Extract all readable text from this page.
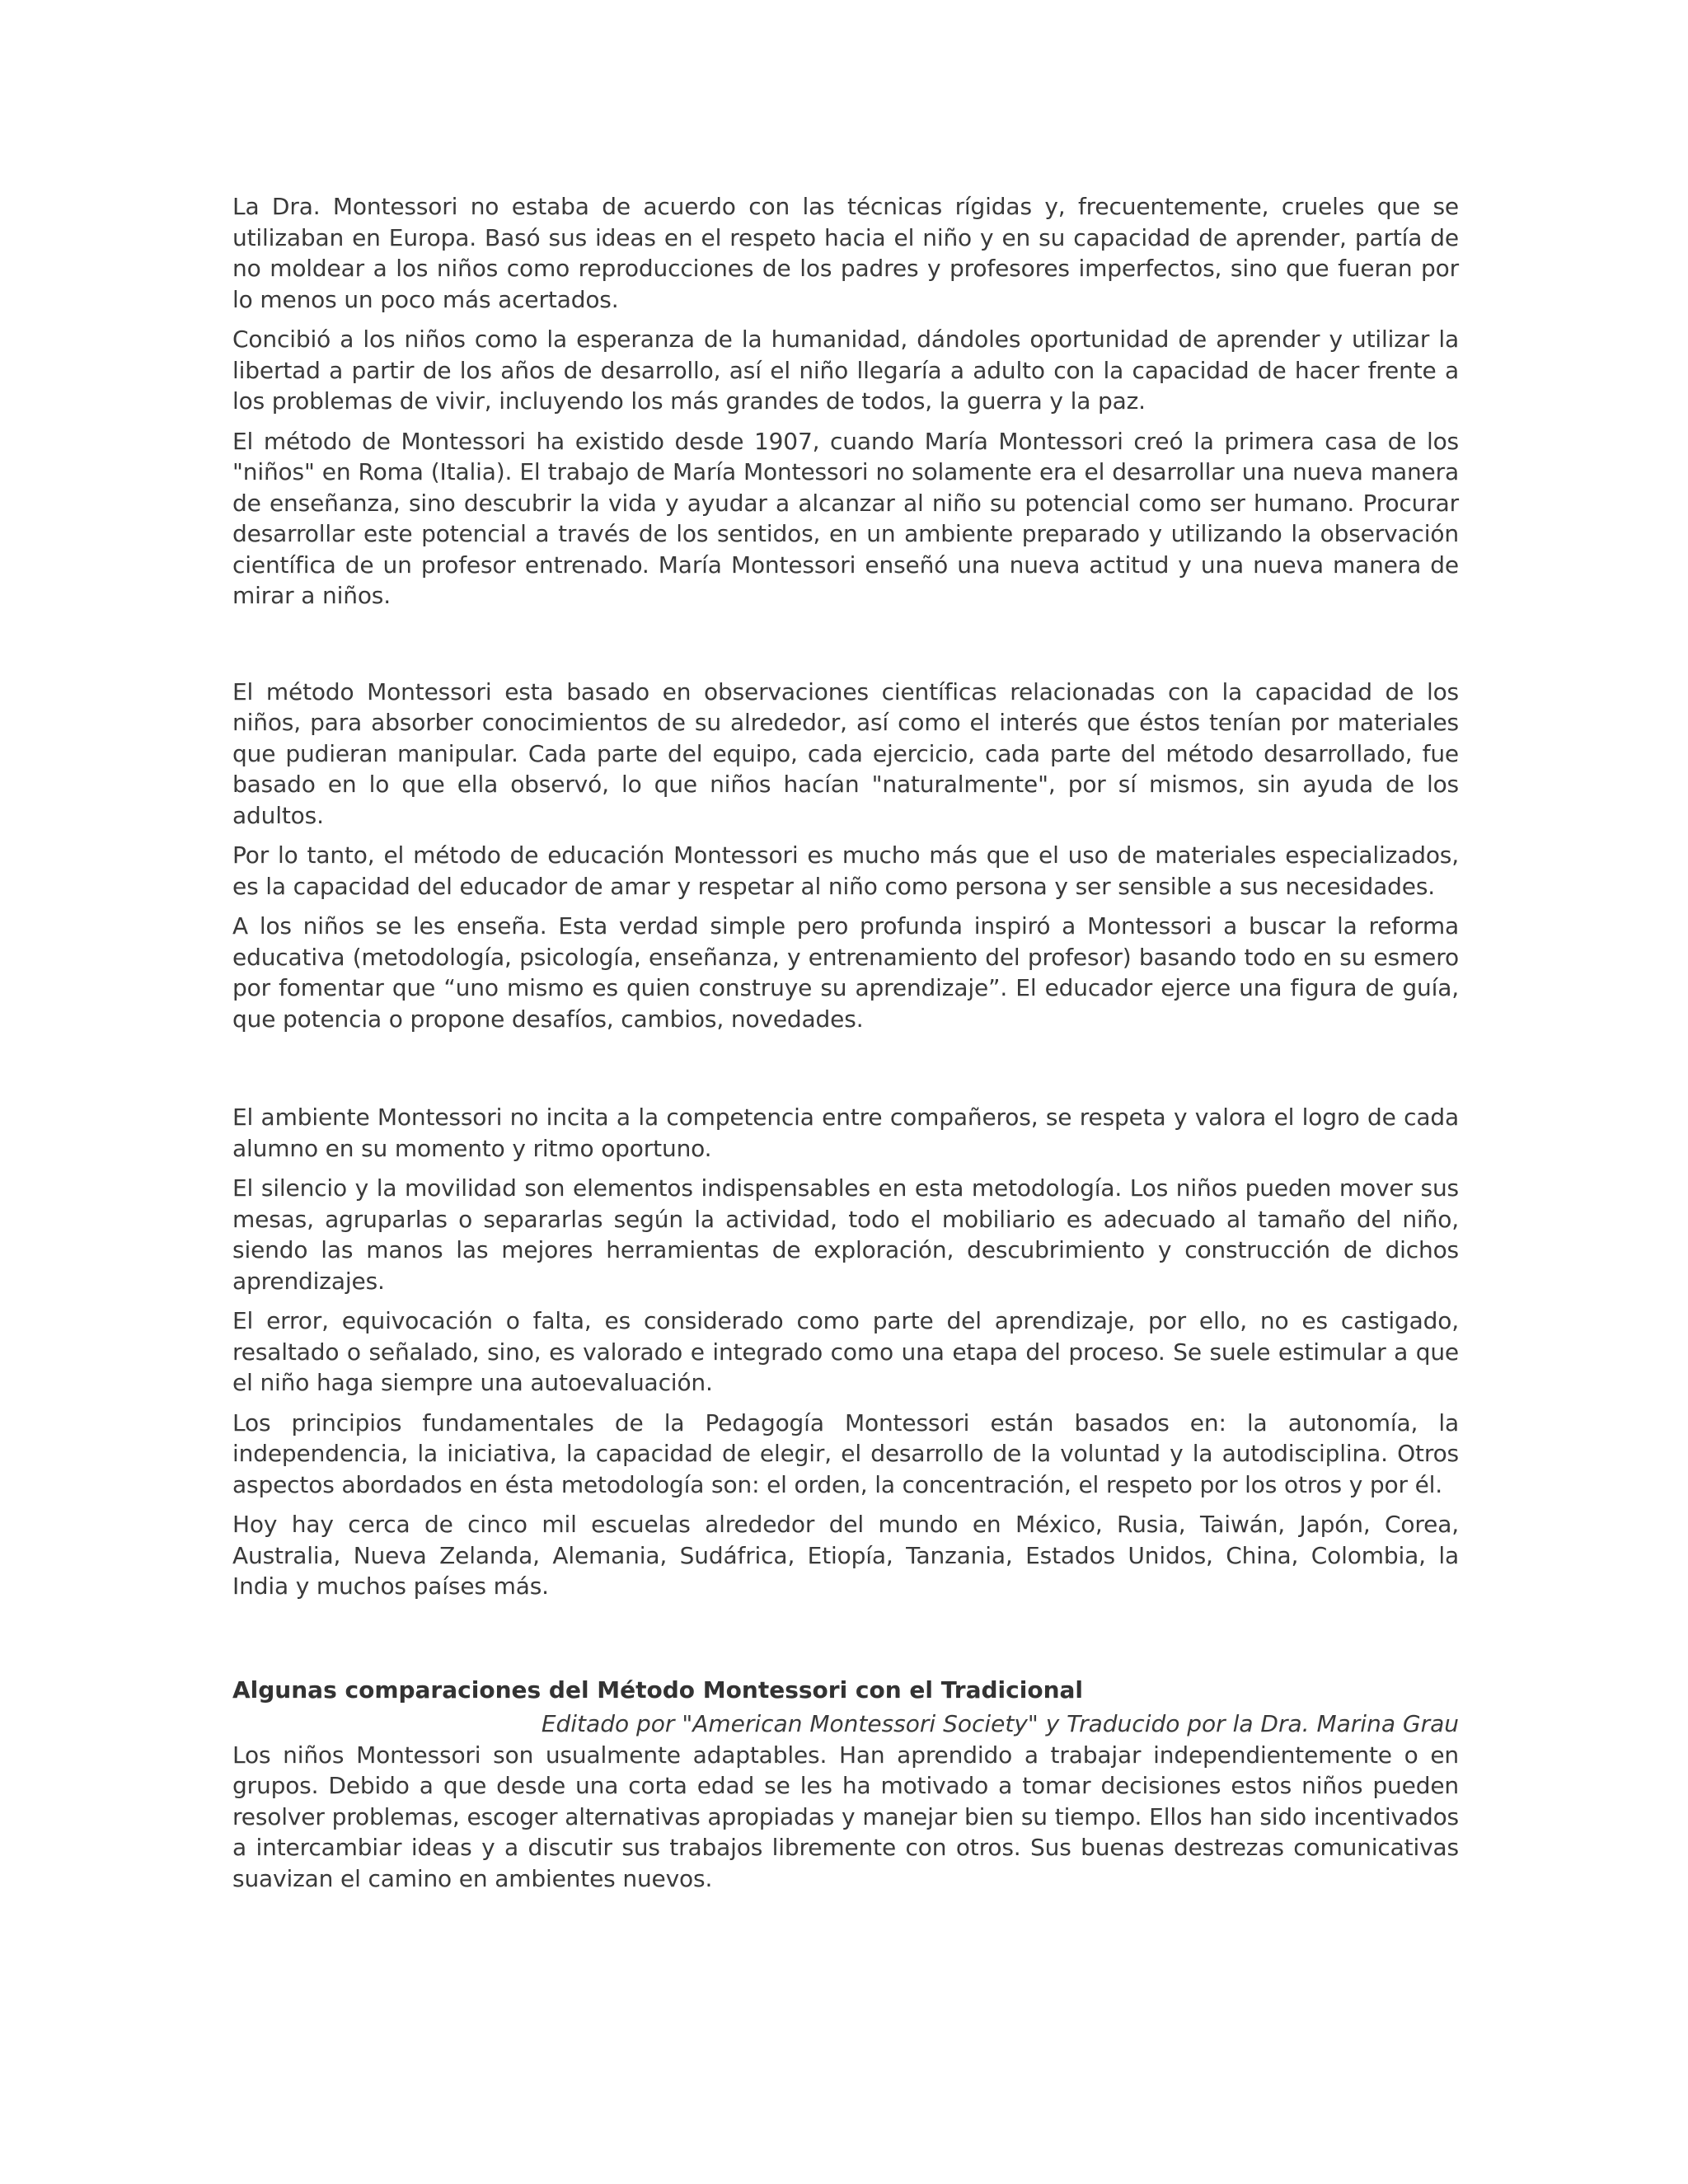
La Dra. Montessori no estaba de acuerdo con las técnicas rígidas y, frecuentemente, crueles que se utilizaban en Europa. Basó sus ideas en el respeto hacia el niño y en su capacidad de aprender, partía de no moldear a los niños como reproducciones de los padres y profesores imperfectos, sino que fueran por lo menos un poco más acertados.

Concibió a los niños como la esperanza de la humanidad, dándoles oportunidad de aprender y utilizar la libertad a partir de los años de desarrollo, así el niño llegaría a adulto con la capacidad de hacer frente a los problemas de vivir, incluyendo los más grandes de todos, la guerra y la paz.

El método de Montessori ha existido desde 1907, cuando María Montessori creó la primera casa de los "niños" en Roma (Italia). El trabajo de María Montessori no solamente era el desarrollar una nueva manera de enseñanza, sino descubrir la vida y ayudar a alcanzar al niño su potencial como ser humano. Procurar desarrollar este potencial a través de los sentidos, en un ambiente preparado y utilizando la observación científica de un profesor entrenado. María Montessori enseñó una nueva actitud y una nueva manera de mirar a niños.

El método Montessori esta basado en observaciones científicas relacionadas con la capacidad de los niños, para absorber conocimientos de su alrededor, así como el interés que éstos tenían por materiales que pudieran manipular. Cada parte del equipo, cada ejercicio, cada parte del método desarrollado, fue basado en lo que ella observó, lo que niños hacían "naturalmente", por sí mismos, sin ayuda de los adultos.

Por lo tanto, el método de educación Montessori es mucho más que el uso de materiales especializados, es la capacidad del educador de amar y respetar al niño como persona y ser sensible a sus necesidades.

A los niños se les enseña. Esta verdad simple pero profunda inspiró a Montessori a buscar la reforma educativa (metodología, psicología, enseñanza, y entrenamiento del profesor) basando todo en su esmero por fomentar que “uno mismo es quien construye su aprendizaje”. El educador ejerce una figura de guía, que potencia o propone desafíos, cambios, novedades.

El ambiente Montessori no incita a la competencia entre compañeros, se respeta y valora el logro de cada alumno en su momento y ritmo oportuno.

El silencio y la movilidad son elementos indispensables en esta metodología. Los niños pueden mover sus mesas, agruparlas o separarlas según la actividad, todo el mobiliario es adecuado al tamaño del niño, siendo las manos las mejores herramientas de exploración, descubrimiento y construcción de dichos aprendizajes.

El error, equivocación o falta, es considerado como parte del aprendizaje, por ello, no es castigado, resaltado o señalado, sino, es valorado e integrado como una etapa del proceso. Se suele estimular a que el niño haga siempre una autoevaluación.

Los principios fundamentales de la Pedagogía Montessori están basados en: la autonomía, la independencia, la iniciativa, la capacidad de elegir, el desarrollo de la voluntad y la autodisciplina. Otros aspectos abordados en ésta metodología son: el orden, la concentración, el respeto por los otros y por él.

Hoy hay cerca de cinco mil escuelas alrededor del mundo en México, Rusia, Taiwán, Japón, Corea, Australia, Nueva Zelanda, Alemania, Sudáfrica, Etiopía, Tanzania, Estados Unidos, China, Colombia, la India y muchos países más.

Algunas comparaciones del Método Montessori con el Tradicional

Editado por "American Montessori Society" y Traducido por la Dra. Marina Grau

Los niños Montessori son usualmente adaptables. Han aprendido a trabajar independientemente o en grupos. Debido a que desde una corta edad se les ha motivado a tomar decisiones estos niños pueden resolver problemas, escoger alternativas apropiadas y manejar bien su tiempo. Ellos han sido incentivados a intercambiar ideas y a discutir sus trabajos libremente con otros. Sus buenas destrezas comunicativas suavizan el camino en ambientes nuevos.
